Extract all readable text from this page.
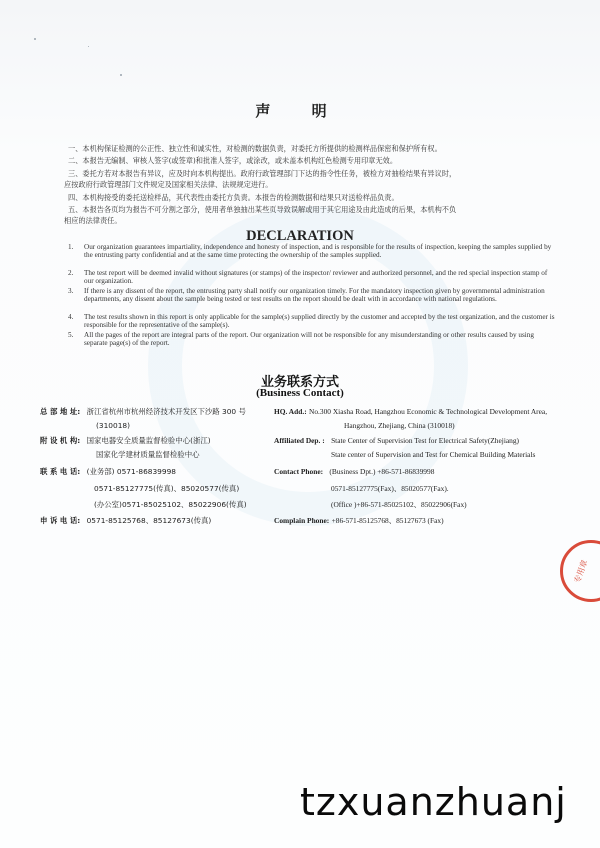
声 明
一、本机构保证检测的公正性、独立性和诚实性，对检测的数据负责，对委托方所提供的检测样品保密和保护所有权。
二、本报告无编制、审核人签字(或签章)和批准人签字，或涂改，或未盖本机构红色检测专用印章无效。
三、委托方若对本报告有异议，应及时向本机构提出。政府行政管理部门下达的指令性任务，被检方对抽检结果有异议时，
应按政府行政管理部门文件规定及国家相关法律、法规规定进行。
四、本机构接受的委托送检样品，其代表性由委托方负责。本报告的检测数据和结果只对送检样品负责。
五、本报告各页均为报告不可分割之部分，使用者单独抽出某些页导致误解或用于其它用途及由此造成的后果，本机构不负
相应的法律责任。
DECLARATION
1. Our organization guarantees impartiality, independence and honesty of inspection, and is responsible for the results of inspection, keeping the samples supplied by the entrusting party confidential and at the same time protecting the ownership of the samples supplied.
2. The test report will be deemed invalid without signatures (or stamps) of the inspector/ reviewer and authorized personnel, and the red special inspection stamp of our organization.
3. If there is any dissent of the report, the entrusting party shall notify our organization timely. For the mandatory inspection given by governmental administration departments, any dissent about the sample being tested or test results on the report should be dealt with in accordance with national regulations.
4. The test results shown in this report is only applicable for the sample(s) supplied directly by the customer and accepted by the test organization, and the customer is responsible for the representative of the sample(s).
5. All the pages of the report are integral parts of the report. Our organization will not be responsible for any misunderstanding or other results caused by using separate page(s) of the report.
业务联系方式
(Business Contact)
总 部 地 址: 浙江省杭州市杭州经济技术开发区下沙路 300 号
(310018)
HQ. Add.: No.300 Xiasha Road, Hangzhou Economic & Technological Development Area,
Hangzhou, Zhejiang, China (310018)
附 设 机 构: 国家电器安全质量监督检验中心(浙江)
国家化学建材质量监督检验中心
Affiliated Dep. : State Center of Supervision Test for Electrical Safety(Zhejiang)
State center of Supervision and Test for Chemical Building Materials
联 系 电 话: (业务部) 0571-86839998
0571-85127775(传真)、85020577(传真)
(办公室)0571-85025102、85022906(传真)
Contact Phone: (Business Dpt.) +86-571-86839998
0571-85127775(Fax)、85020577(Fax).
(Office )+86-571-85025102、85022906(Fax)
申 诉 电 话: 0571-85125768、85127673(传真)	Complain Phone: +86-571-85125768、85127673 (Fax)
专用章
tzxuanzhuanj
